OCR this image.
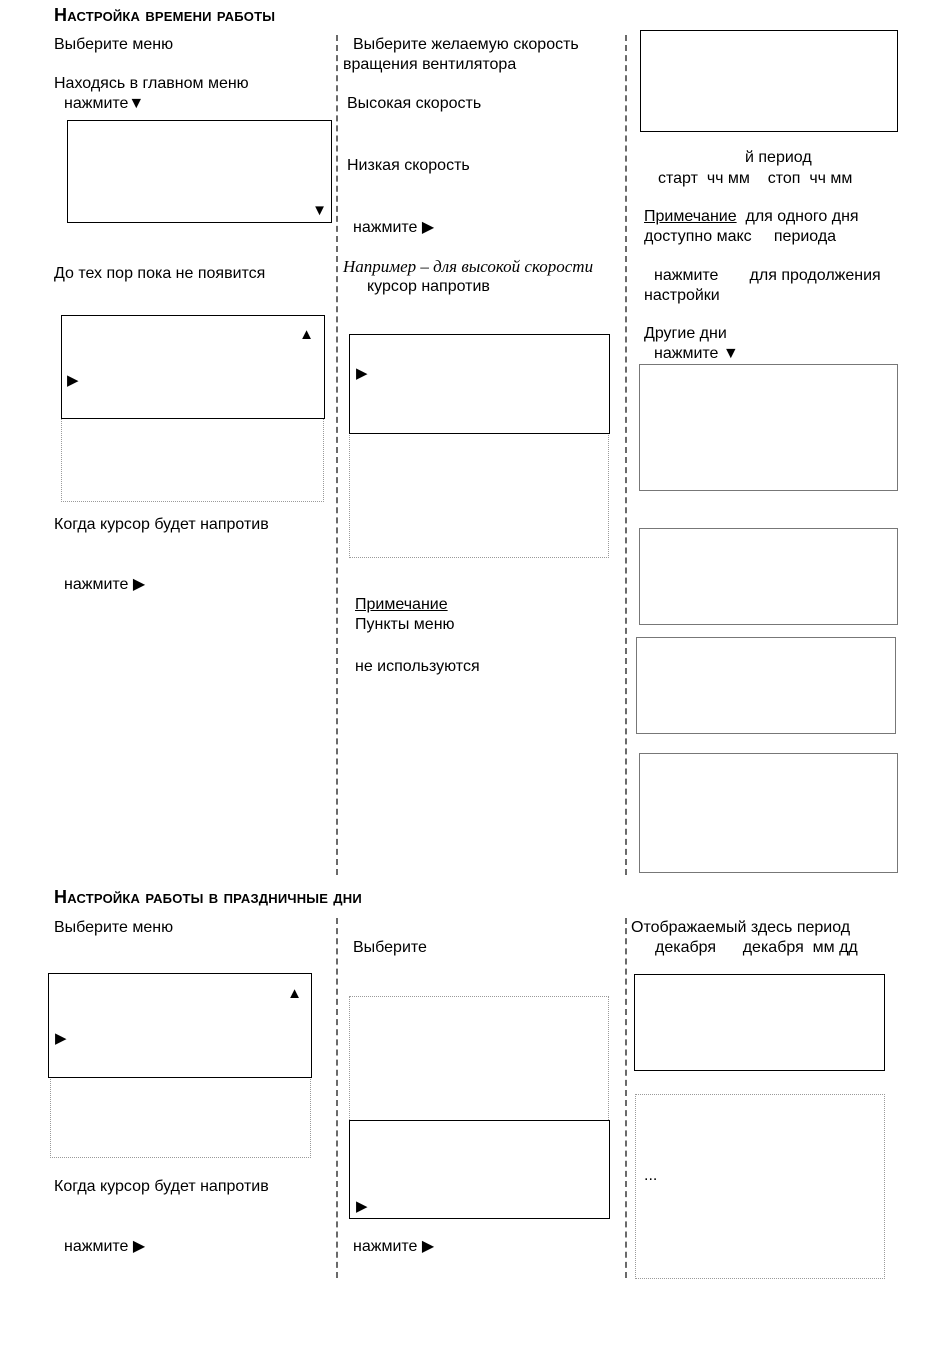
Настройка времени работы
Выберите меню
Находясь в главном меню
нажмите▼
▼
До тех пор пока не появится
▲
▶
Когда курсор будет напротив
нажмите ▶
Выберите желаемую скорость
вращения вентилятора
Высокая скорость
Низкая скорость
нажмите ▶
Например – для высокой скорости
курсор напротив
▶
Примечание
Пункты меню
не используются
й период
старт  чч мм    стоп  чч мм
Примечание для одного дня
доступно макс     периода
нажмите       для продолжения
настройки
Другие дни
нажмите ▼
Настройка работы в праздничные дни
Выберите меню
▲
▶
Когда курсор будет напротив
нажмите ▶
Выберите
▶
нажмите ▶
Отображаемый здесь период
декабря      декабря  мм дд
...
